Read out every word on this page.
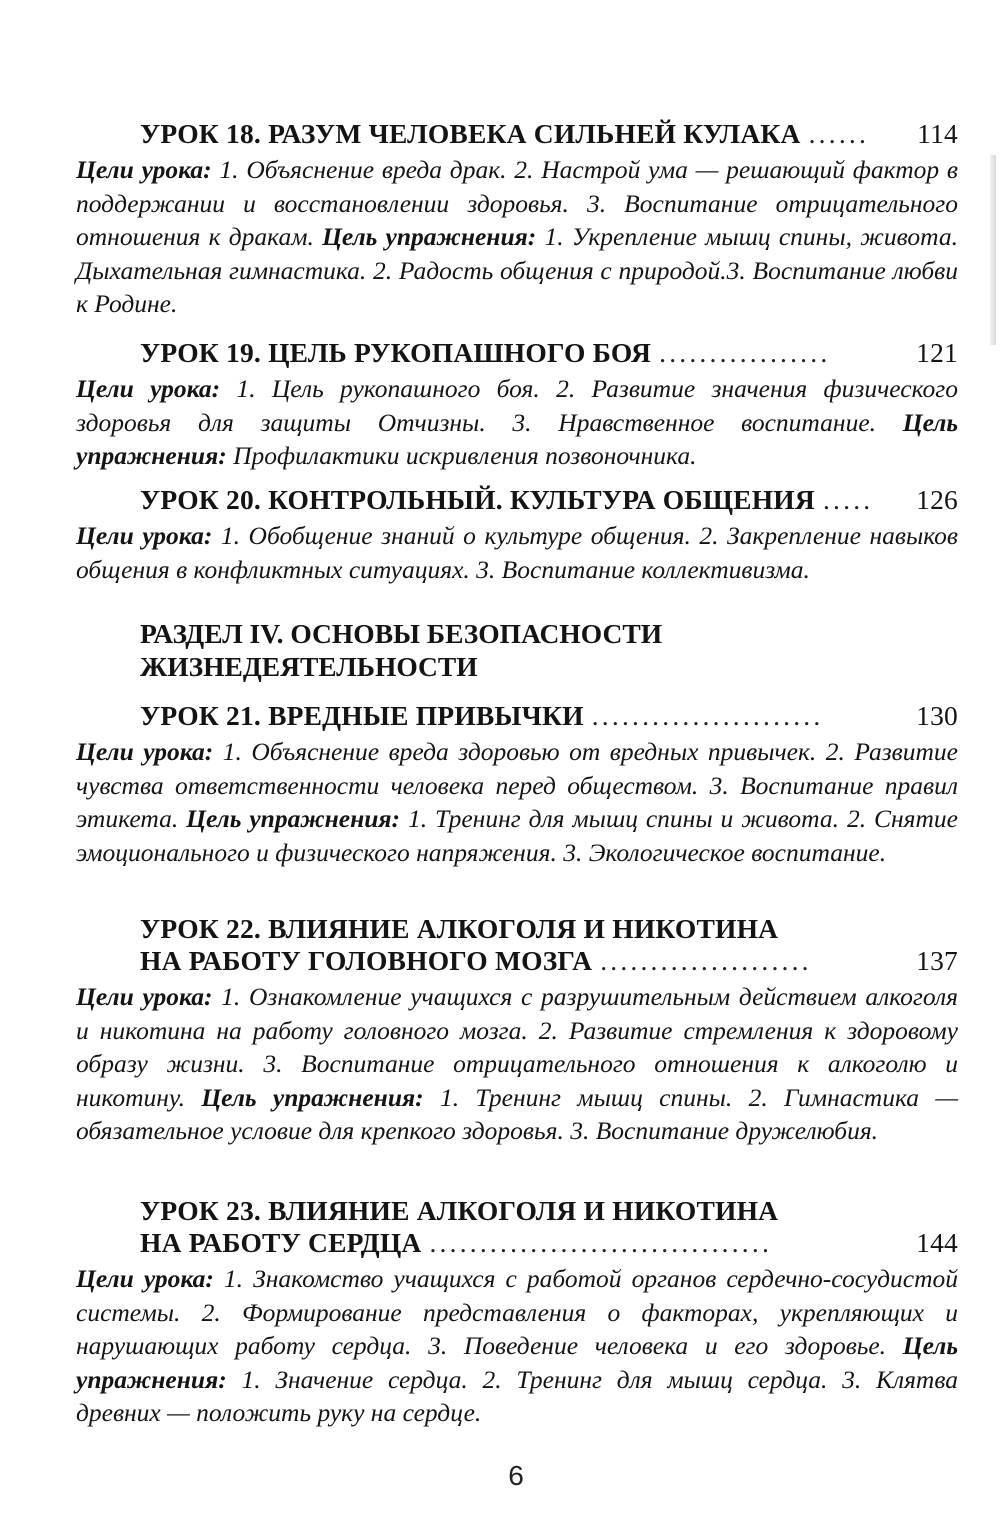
УРОК 18. РАЗУМ ЧЕЛОВЕКА СИЛЬНЕЙ КУЛАКА ......	114
Цели урока: 1. Объяснение вреда драк. 2. Настрой ума — решающий фактор в поддержании и восстановлении здоровья. 3. Воспитание отрицательного отношения к дракам. Цель упражнения: 1. Укрепление мышц спины, живота. Дыхательная гимнастика. 2. Радость общения с природой.3. Воспитание любви к Родине.
УРОК 19. ЦЕЛЬ РУКОПАШНОГО БОЯ .................	121
Цели урока: 1. Цель рукопашного боя. 2. Развитие значения физического здоровья для защиты Отчизны. 3. Нравственное воспитание. Цель упражнения: Профилактики искривления позвоночника.
УРОК 20. КОНТРОЛЬНЫЙ. КУЛЬТУРА ОБЩЕНИЯ .....	126
Цели урока: 1. Обобщение знаний о культуре общения. 2. Закрепление навыков общения в конфликтных ситуациях. 3. Воспитание коллективизма.
РАЗДЕЛ IV. ОСНОВЫ БЕЗОПАСНОСТИ
ЖИЗНЕДЕЯТЕЛЬНОСТИ
УРОК 21. ВРЕДНЫЕ ПРИВЫЧКИ .......................	130
Цели урока: 1. Объяснение вреда здоровью от вредных привычек. 2. Развитие чувства ответственности человека перед обществом. 3. Воспитание правил этикета. Цель упражнения: 1. Тренинг для мышц спины и живота. 2. Снятие эмоционального и физического напряжения. 3. Экологическое воспитание.
УРОК 22. ВЛИЯНИЕ АЛКОГОЛЯ И НИКОТИНА
НА РАБОТУ ГОЛОВНОГО МОЗГА .....................	137
Цели урока: 1. Ознакомление учащихся с разрушительным действием алкоголя и никотина на работу головного мозга. 2. Развитие стремления к здоровому образу жизни. 3. Воспитание отрицательного отношения к алкоголю и никотину. Цель упражнения: 1. Тренинг мышц спины. 2. Гимнастика — обязательное условие для крепкого здоровья. 3. Воспитание дружелюбия.
УРОК 23. ВЛИЯНИЕ АЛКОГОЛЯ И НИКОТИНА
НА РАБОТУ СЕРДЦА ..................................	144
Цели урока: 1. Знакомство учащихся с работой органов сердечно-сосудистой системы. 2. Формирование представления о факторах, укрепляющих и нарушающих работу сердца. 3. Поведение человека и его здоровье. Цель упражнения: 1. Значение сердца. 2. Тренинг для мышц сердца. 3. Клятва древних — положить руку на сердце.
6
